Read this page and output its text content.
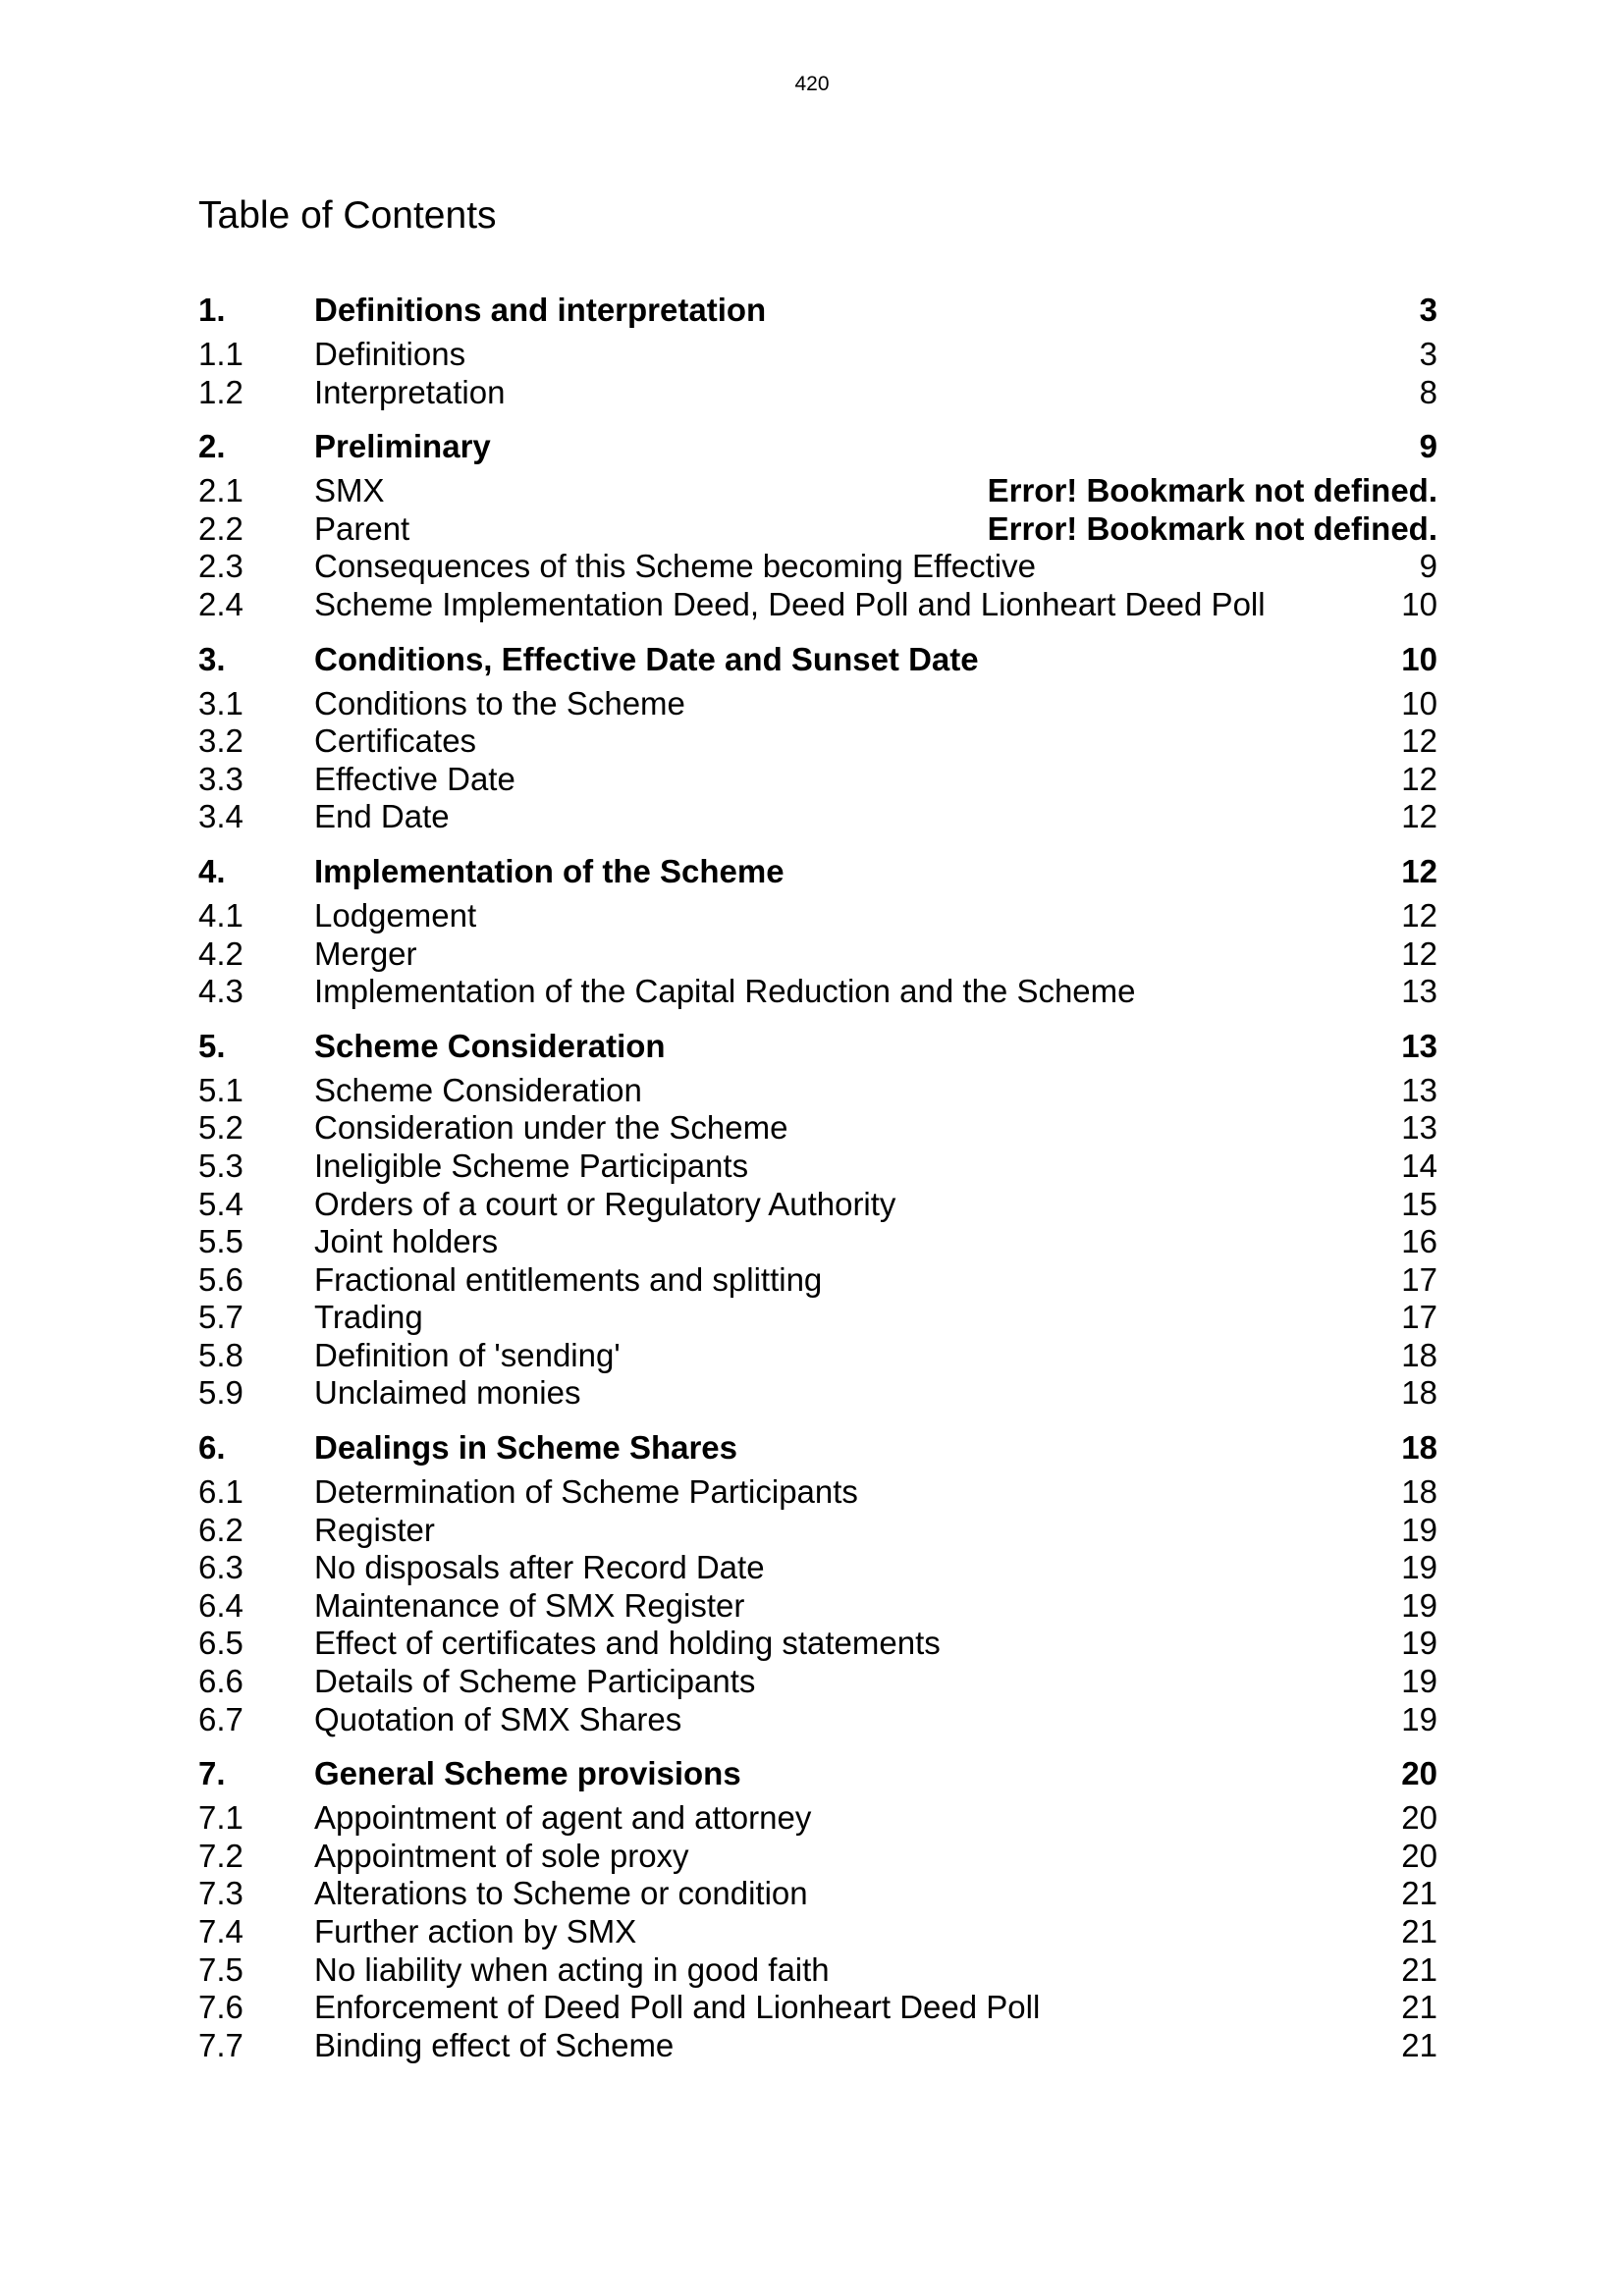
420
Table of Contents
1.	Definitions and interpretation	3
1.1 Definitions	3
1.2 Interpretation	8
2.	Preliminary	9
2.1 SMX	Error! Bookmark not defined.
2.2 Parent	Error! Bookmark not defined.
2.3 Consequences of this Scheme becoming Effective	9
2.4 Scheme Implementation Deed, Deed Poll and Lionheart Deed Poll	10
3.	Conditions, Effective Date and Sunset Date	10
3.1 Conditions to the Scheme	10
3.2 Certificates	12
3.3 Effective Date	12
3.4 End Date	12
4.	Implementation of the Scheme	12
4.1 Lodgement	12
4.2 Merger	12
4.3 Implementation of the Capital Reduction and the Scheme	13
5.	Scheme Consideration	13
5.1 Scheme Consideration	13
5.2 Consideration under the Scheme	13
5.3 Ineligible Scheme Participants	14
5.4 Orders of a court or Regulatory Authority	15
5.5 Joint holders	16
5.6 Fractional entitlements and splitting	17
5.7 Trading	17
5.8 Definition of 'sending'	18
5.9 Unclaimed monies	18
6.	Dealings in Scheme Shares	18
6.1 Determination of Scheme Participants	18
6.2 Register	19
6.3 No disposals after Record Date	19
6.4 Maintenance of SMX Register	19
6.5 Effect of certificates and holding statements	19
6.6 Details of Scheme Participants	19
6.7 Quotation of SMX Shares	19
7.	General Scheme provisions	20
7.1 Appointment of agent and attorney	20
7.2 Appointment of sole proxy	20
7.3 Alterations to Scheme or condition	21
7.4 Further action by SMX	21
7.5 No liability when acting in good faith	21
7.6 Enforcement of Deed Poll and Lionheart Deed Poll	21
7.7 Binding effect of Scheme	21
